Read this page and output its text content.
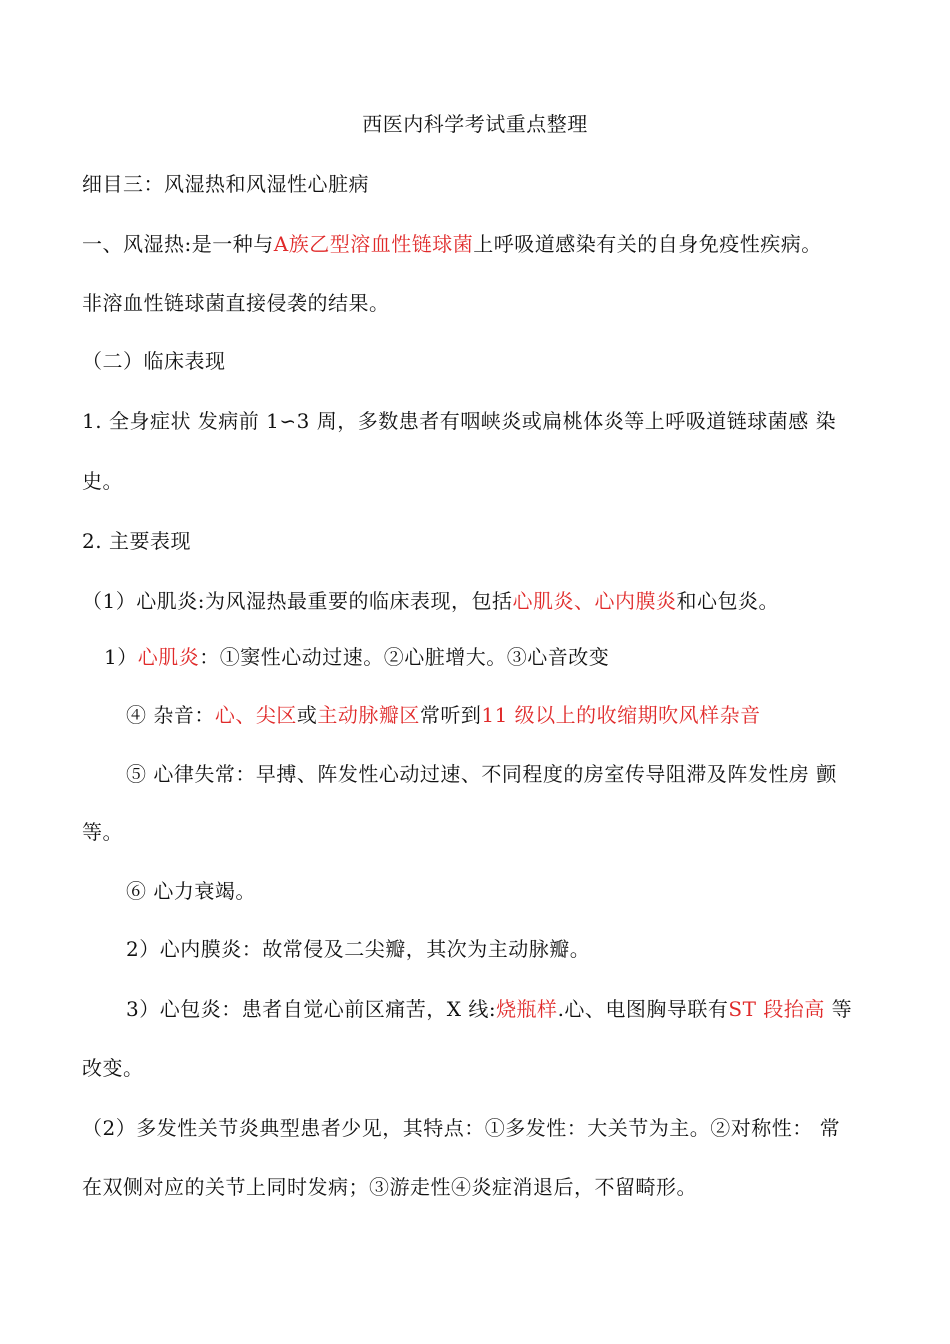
西医内科学考试重点整理
细目三：风湿热和风湿性心脏病
一、风湿热:是一种与A族乙型溶血性链球菌上呼吸道感染有关的自身免疫性疾病。
非溶血性链球菌直接侵袭的结果。
（二）临床表现
1. 全身症状 发病前 1∽3 周，多数患者有咽峡炎或扁桃体炎等上呼吸道链球菌感 染
史。
2. 主要表现
（1）心肌炎:为风湿热最重要的临床表现，包括心肌炎、心内膜炎和心包炎。
1）心肌炎：①窦性心动过速。②心脏增大。③心音改变
④ 杂音：心、尖区或主动脉瓣区常听到11 级以上的收缩期吹风样杂音
⑤ 心律失常：早搏、阵发性心动过速、不同程度的房室传导阻滞及阵发性房 颤
等。
⑥ 心力衰竭。
2）心内膜炎：故常侵及二尖瓣，其次为主动脉瓣。
3）心包炎：患者自觉心前区痛苦，X 线:烧瓶样.心、电图胸导联有ST 段抬高 等
改变。
（2）多发性关节炎典型患者少见，其特点：①多发性：大关节为主。②对称性： 常
在双侧对应的关节上同时发病；③游走性④炎症消退后，不留畸形。
